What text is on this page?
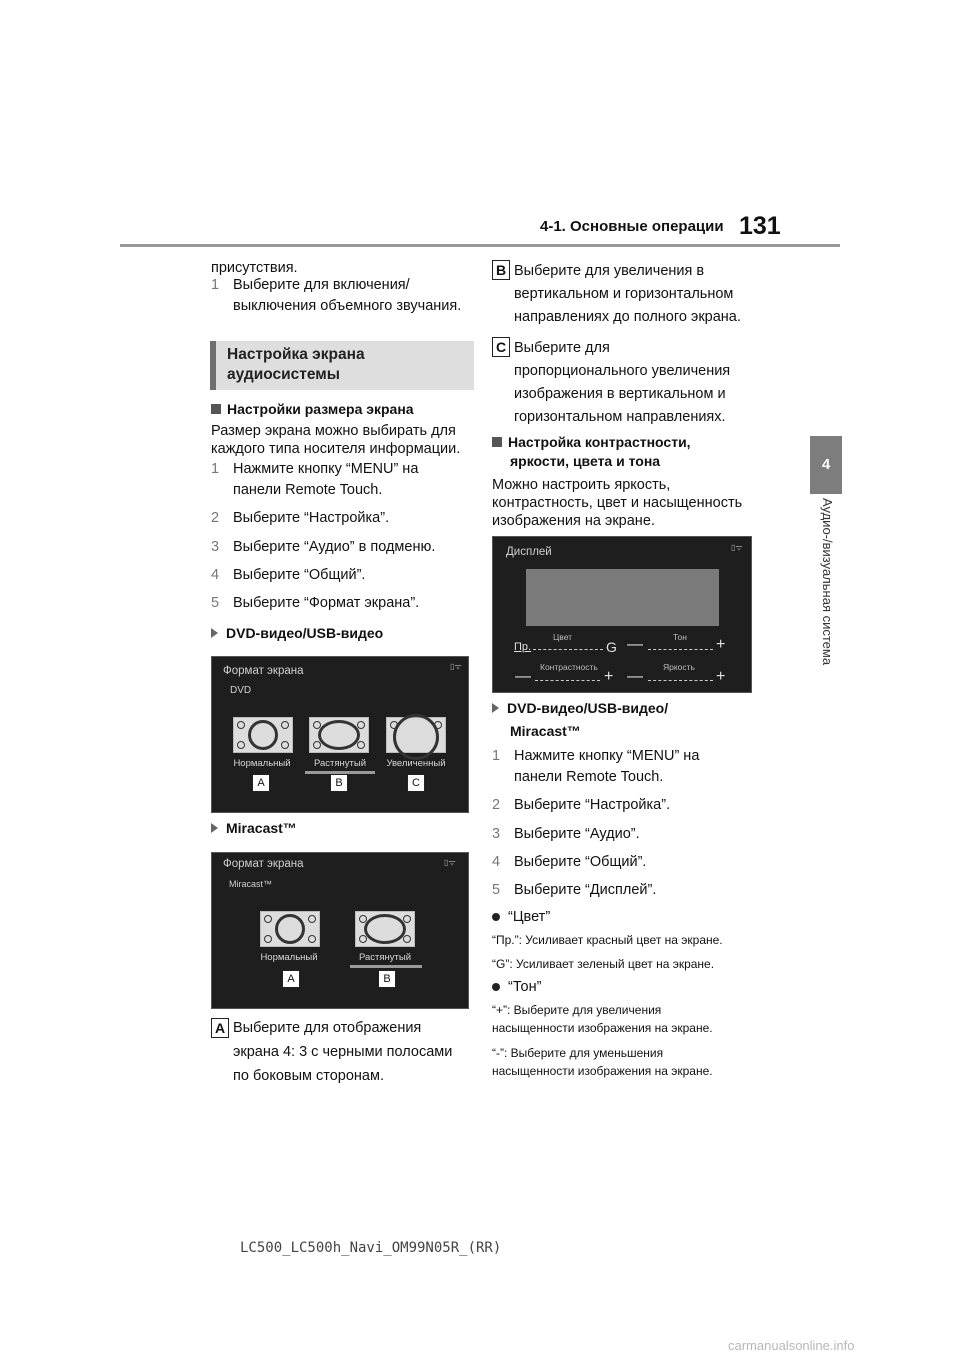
4-1. Основные операции 131
4
Аудио-/визуальная система
присутствия.
1 Выберите для включения/
выключения объемного звучания.
Настройка экрана
аудиосистемы
Настройки размера экрана
Размер экрана можно выбирать для
каждого типа носителя информации.
1 Нажмите кнопку “MENU” на
панели Remote Touch.
2 Выберите “Настройка”.
3 Выберите “Аудио” в подменю.
4 Выберите “Общий”.
5 Выберите “Формат экрана”.
DVD-видео/USB-видео
Формат экрана	▯ᯤ
DVD
Нормальный	Растянутый	Увеличенный
A	B	C
Miracast™
Формат экрана	▯ᯤ
Miracast™
Нормальный	Растянутый
A	B
A Выберите для отображения
экрана 4: 3 с черными полосами
по боковым сторонам.
B Выберите для увеличения в
вертикальном и горизонтальном
направлениях до полного экрана.
C Выберите для
пропорционального увеличения
изображения в вертикальном и
горизонтальном направлениях.
Настройка контрастности,
яркости, цвета и тона
Можно настроить яркость,
контрастность, цвет и насыщенность
изображения на экране.
Дисплей	▯ᯤ
Цвет	Тон
Пр.	G —	+
Контрастность	Яркость
—	+ —	+
DVD-видео/USB-видео/
Miracast™
1 Нажмите кнопку “MENU” на
панели Remote Touch.
2 Выберите “Настройка”.
3 Выберите “Аудио”.
4 Выберите “Общий”.
5 Выберите “Дисплей”.
“Цвет”
“Пр.”: Усиливает красный цвет на экране.
“G”: Усиливает зеленый цвет на экране.
“Тон”
“+”: Выберите для увеличения
насыщенности изображения на экране.
“-”: Выберите для уменьшения
насыщенности изображения на экране.
LC500_LC500h_Navi_OM99N05R_(RR)
carmanualsonline.info
